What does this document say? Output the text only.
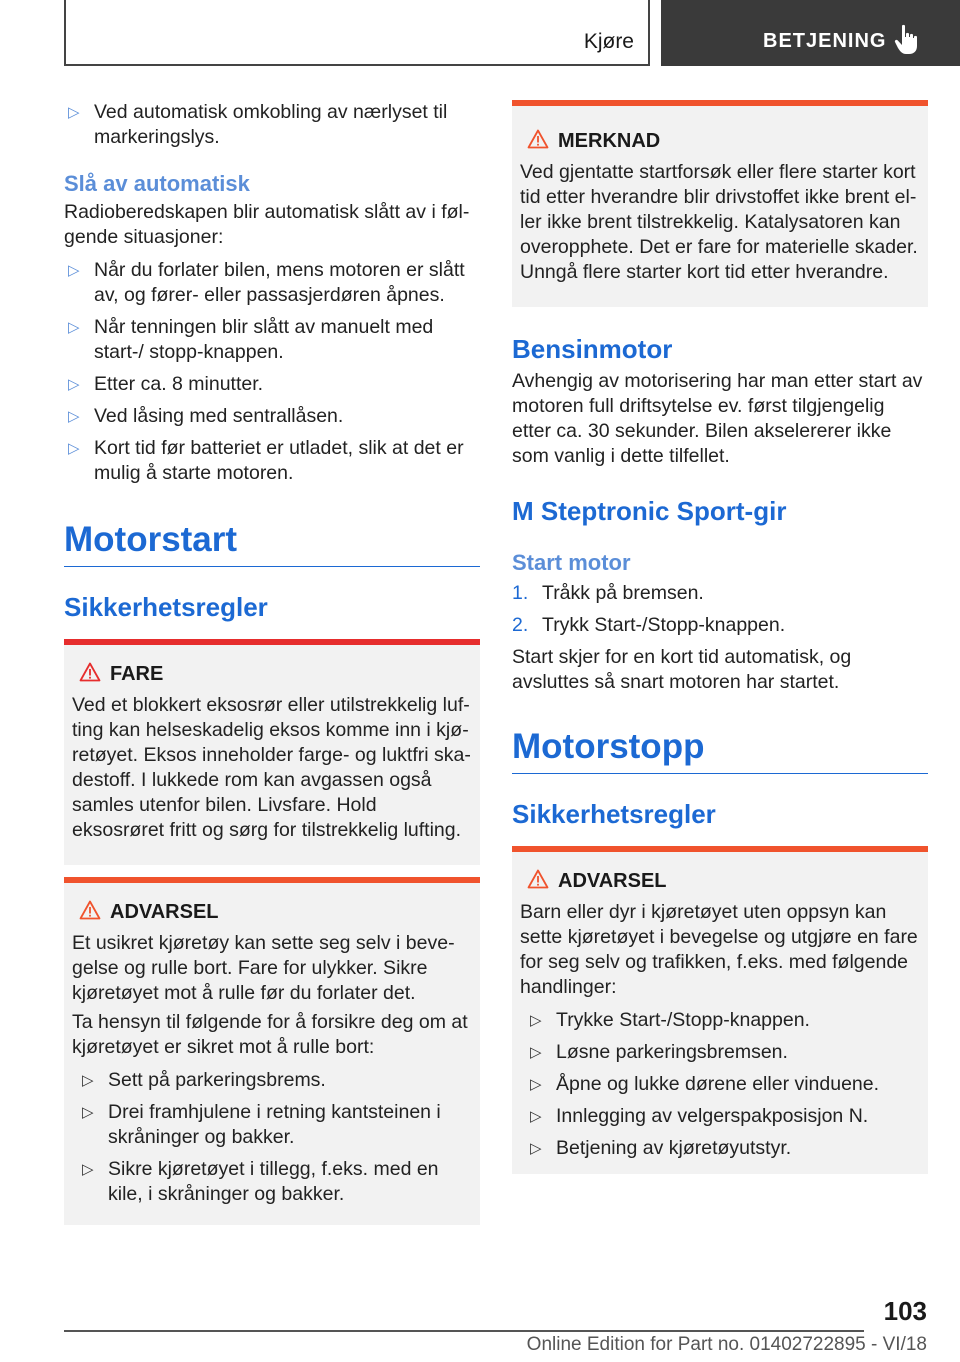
Kjøre	BETJENING
▷ Ved automatisk omkobling av nærlyset til markeringslys.
Slå av automatisk
Radioberedskapen blir automatisk slått av i følgende situasjoner:
▷ Når du forlater bilen, mens motoren er slått av, og fører- eller passasjerdøren åpnes.
▷ Når tenningen blir slått av manuelt med start-/ stopp-knappen.
▷ Etter ca. 8 minutter.
▷ Ved låsing med sentrallåsen.
▷ Kort tid før batteriet er utladet, slik at det er mulig å starte motoren.
Motorstart
Sikkerhetsregler
FARE
Ved et blokkert eksosrør eller utilstrekkelig lufting kan helseskadelig eksos komme inn i kjøretøyet. Eksos inneholder farge- og luktfri skadestoff. I lukkede rom kan avgassen også samles utenfor bilen. Livsfare. Hold eksosrøret fritt og sørg for tilstrekkelig lufting.
ADVARSEL
Et usikret kjøretøy kan sette seg selv i bevegelse og rulle bort. Fare for ulykker. Sikre kjøretøyet mot å rulle før du forlater det.
Ta hensyn til følgende for å forsikre deg om at kjøretøyet er sikret mot å rulle bort:
▷ Sett på parkeringsbrems.
▷ Drei framhjulene i retning kantsteinen i skråninger og bakker.
▷ Sikre kjøretøyet i tillegg, f.eks. med en kile, i skråninger og bakker.
MERKNAD
Ved gjentatte startforsøk eller flere starter kort tid etter hverandre blir drivstoffet ikke brent eller ikke brent tilstrekkelig. Katalysatoren kan overopphete. Det er fare for materielle skader. Unngå flere starter kort tid etter hverandre.
Bensinmotor
Avhengig av motorisering har man etter start av motoren full driftsytelse ev. først tilgjengelig etter ca. 30 sekunder. Bilen akselererer ikke som vanlig i dette tilfellet.
M Steptronic Sport-gir
Start motor
1. Tråkk på bremsen.
2. Trykk Start-/Stopp-knappen.
Start skjer for en kort tid automatisk, og avsluttes så snart motoren har startet.
Motorstopp
Sikkerhetsregler
ADVARSEL
Barn eller dyr i kjøretøyet uten oppsyn kan sette kjøretøyet i bevegelse og utgjøre en fare for seg selv og trafikken, f.eks. med følgende handlinger:
▷ Trykke Start-/Stopp-knappen.
▷ Løsne parkeringsbremsen.
▷ Åpne og lukke dørene eller vinduene.
▷ Innlegging av velgerspakposisjon N.
▷ Betjening av kjøretøyutstyr.
103
Online Edition for Part no. 01402722895 - VI/18
